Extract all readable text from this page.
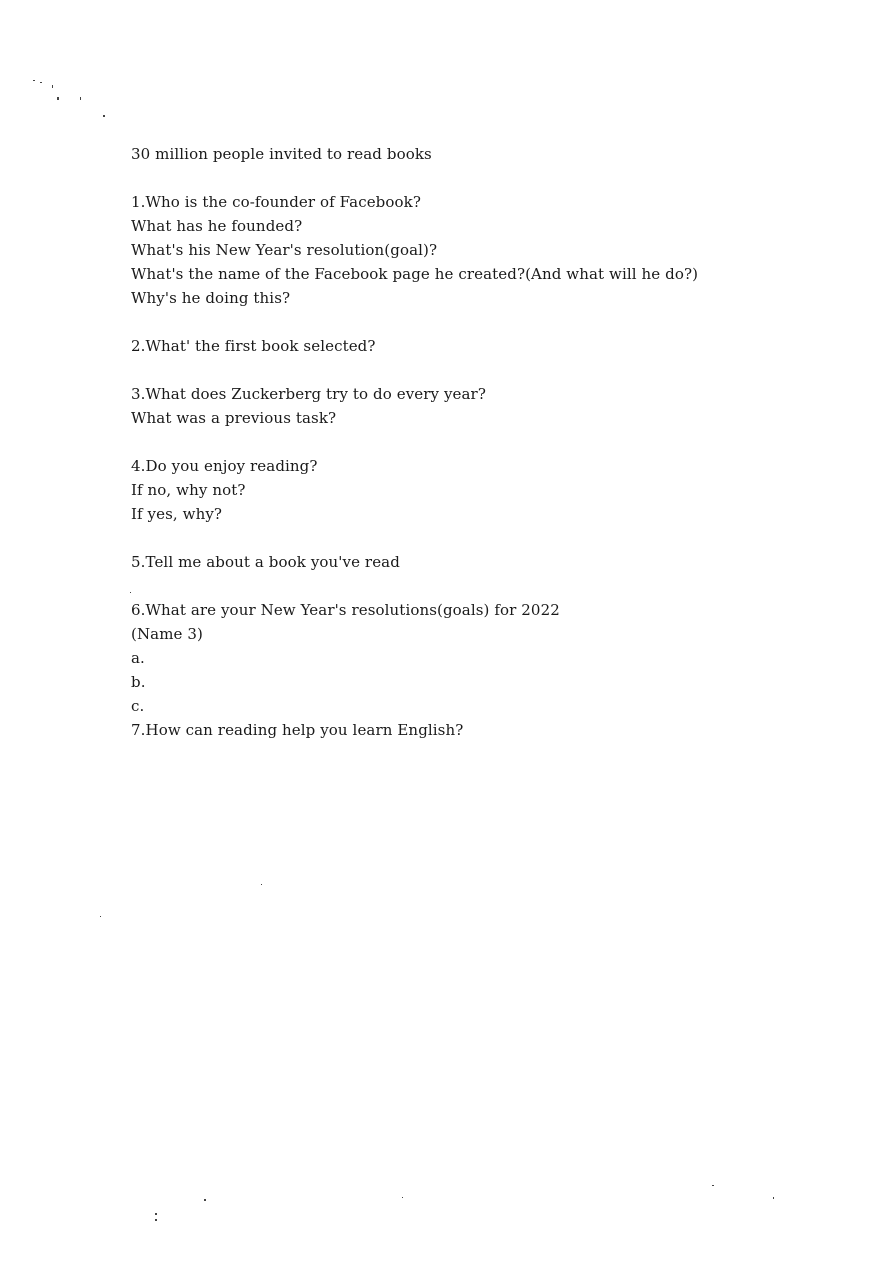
30 million people invited to read books
1.Who is the co-founder of Facebook?
What has he founded?
What's his New Year's resolution(goal)?
What's the name of the Facebook page he created?(And what will he do?)
Why's he doing this?
2.What' the first book selected?
3.What does Zuckerberg try to do every year?
What was a previous task?
4.Do you enjoy reading?
If no, why not?
If yes, why?
5.Tell me about a book you've read
6.What are your New Year's resolutions(goals) for 2022
(Name 3)
a.
b.
c.
7.How can reading help you learn English?
